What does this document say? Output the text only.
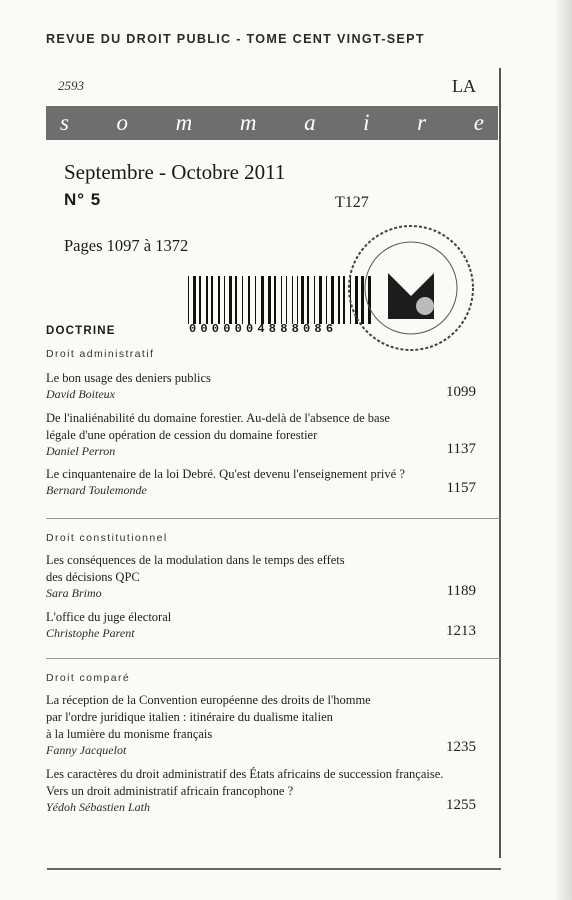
REVUE DU DROIT PUBLIC - TOME CENT VINGT-SEPT
2593	LA
s o m m a i r e
Septembre - Octobre 2011
N° 5	T127
Pages 1097 à 1372
0000004888086
DOCTRINE
Droit administratif
Le bon usage des deniers publics
David Boiteux	1099
De l'inaliénabilité du domaine forestier. Au-delà de l'absence de base
légale d'une opération de cession du domaine forestier
Daniel Perron	1137
Le cinquantenaire de la loi Debré. Qu'est devenu l'enseignement privé ?
Bernard Toulemonde	1157
Droit constitutionnel
Les conséquences de la modulation dans le temps des effets
des décisions QPC
Sara Brimo	1189
L'office du juge électoral
Christophe Parent	1213
Droit comparé
La réception de la Convention européenne des droits de l'homme
par l'ordre juridique italien : itinéraire du dualisme italien
à la lumière du monisme français
Fanny Jacquelot	1235
Les caractères du droit administratif des États africains de succession française.
Vers un droit administratif africain francophone ?
Yédoh Sébastien Lath	1255
